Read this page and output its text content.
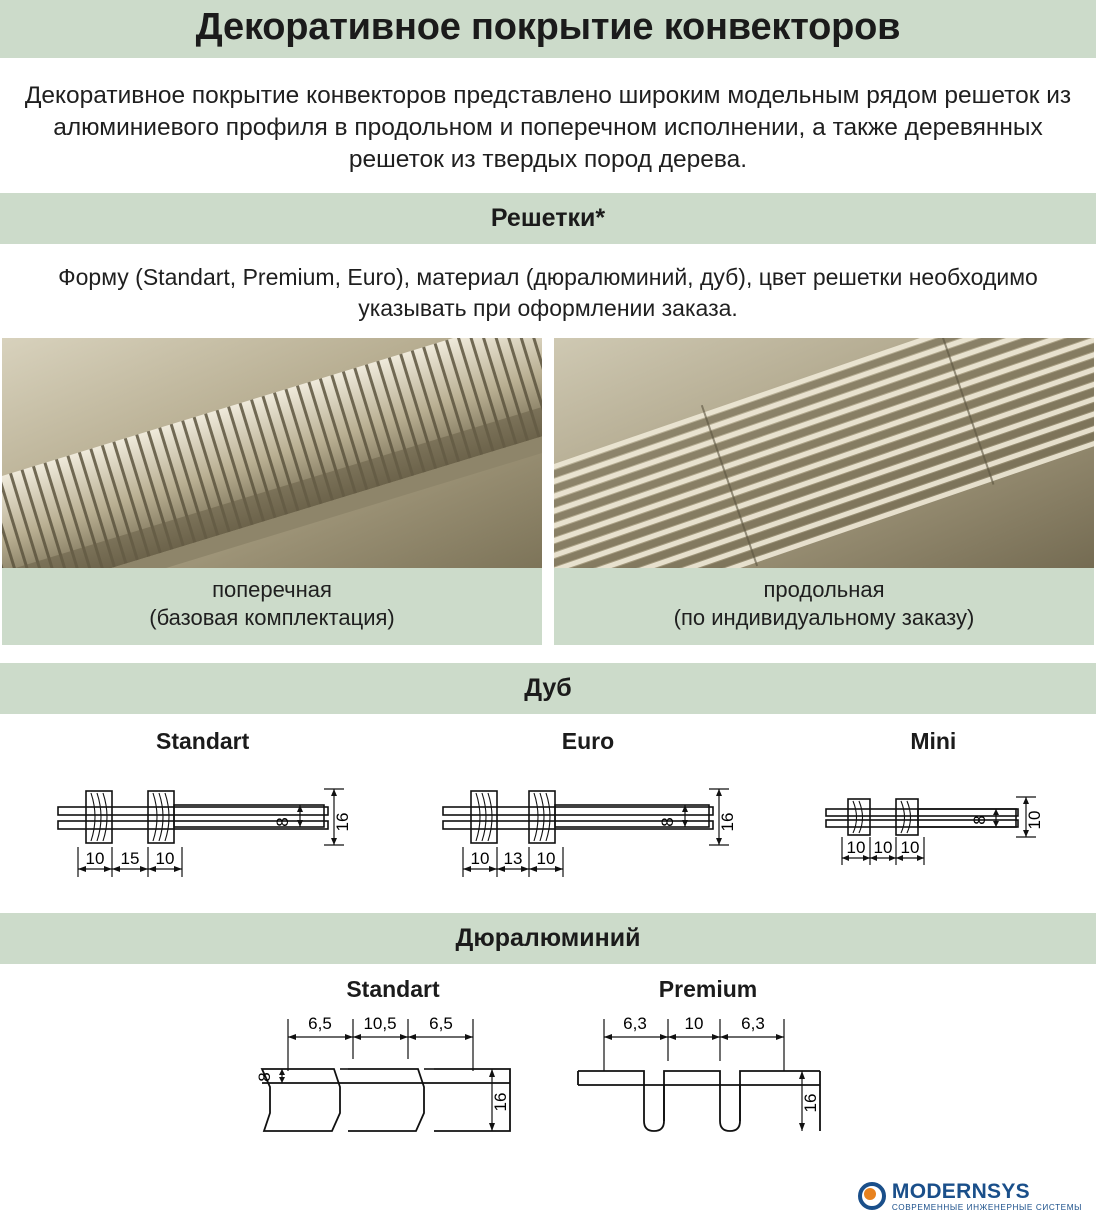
Декоративное покрытие конвекторов
Декоративное покрытие конвекторов представлено широким модельным рядом решеток из алюминиевого профиля в продольном и поперечном исполнении, а также деревянных решеток из твердых пород дерева.
Решетки*
Форму (Standart, Premium, Euro), материал (дюралюминий, дуб), цвет решетки необходимо указывать при оформлении заказа.
поперечная
(базовая комплектация)
продольная
(по индивидуальному заказу)
Дуб
Standart
10 15 10
8 16
Euro
10 13 10
8 16
Mini
10 10 10
8 10
Дюралюминий
Standart
6,5 10,5 6,5
8
16
Premium
6,3 10 6,3
16
MODERNSYS
СОВРЕМЕННЫЕ ИНЖЕНЕРНЫЕ СИСТЕМЫ
